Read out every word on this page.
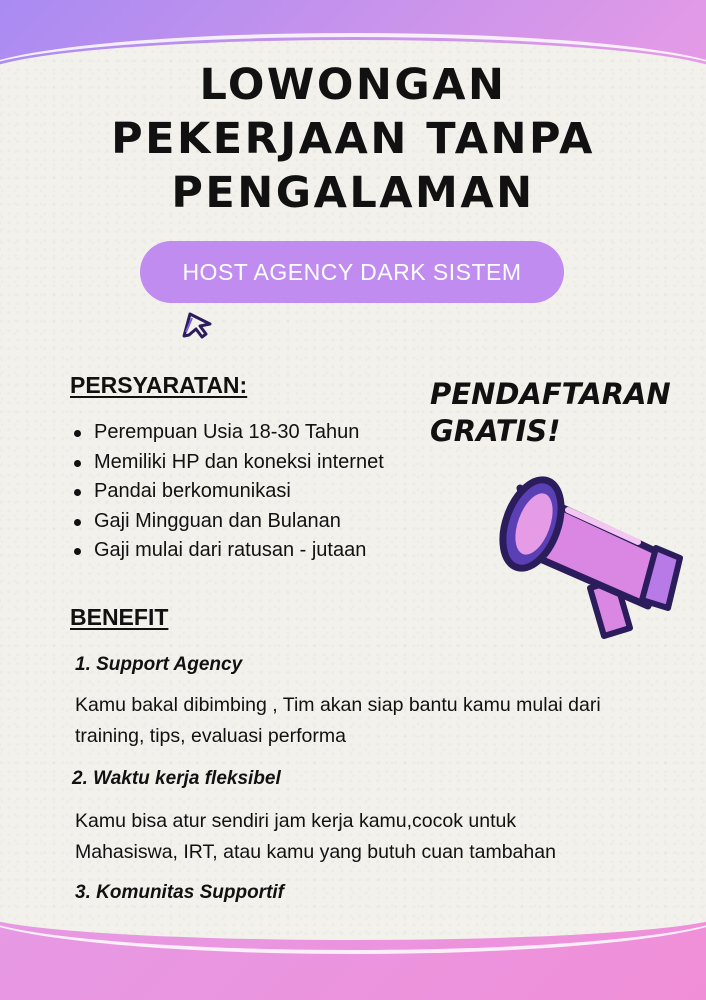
LOWONGAN
PEKERJAAN TANPA
PENGALAMAN
HOST AGENCY DARK SISTEM
PERSYARATAN:
Perempuan Usia 18-30 Tahun
Memiliki HP dan koneksi internet
Pandai berkomunikasi
Gaji Mingguan dan Bulanan
Gaji mulai dari ratusan - jutaan
PENDAFTARAN
GRATIS!
BENEFIT
1. Support Agency
Kamu bakal dibimbing , Tim akan siap bantu kamu mulai dari
training, tips, evaluasi performa
2. Waktu kerja fleksibel
Kamu bisa atur sendiri jam kerja kamu,cocok untuk
Mahasiswa, IRT, atau kamu yang butuh cuan tambahan
3. Komunitas Supportif
